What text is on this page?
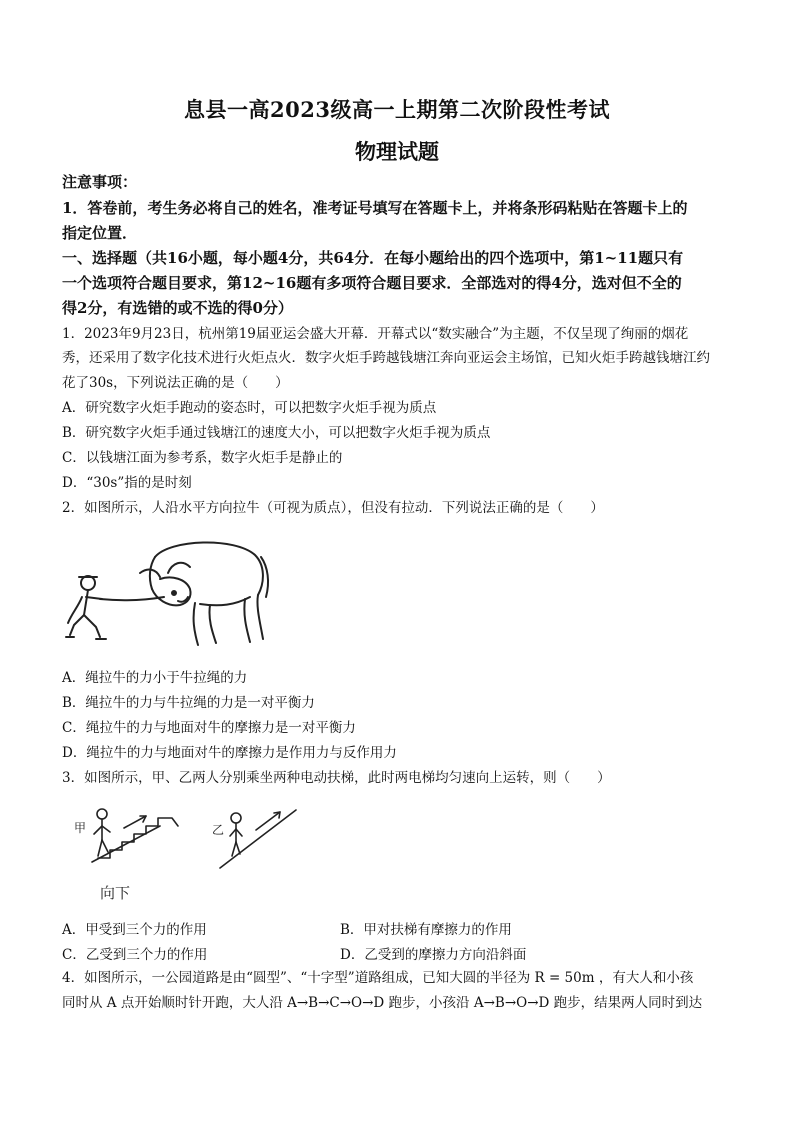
息县一高2023级高一上期第二次阶段性考试
物理试题
注意事项：
1．答卷前，考生务必将自己的姓名，准考证号填写在答题卡上，并将条形码粘贴在答题卡上的
指定位置．
一、选择题（共16小题，每小题4分，共64分．在每小题给出的四个选项中，第1~11题只有
一个选项符合题目要求，第12~16题有多项符合题目要求．全部选对的得4分，选对但不全的
得2分，有选错的或不选的得0分）
1．2023年9月23日，杭州第19届亚运会盛大开幕．开幕式以“数实融合”为主题，不仅呈现了绚丽的烟花
秀，还采用了数字化技术进行火炬点火．数字火炬手跨越钱塘江奔向亚运会主场馆，已知火炬手跨越钱塘江约
花了30s，下列说法正确的是（　　）
A．研究数字火炬手跑动的姿态时，可以把数字火炬手视为质点
B．研究数字火炬手通过钱塘江的速度大小，可以把数字火炬手视为质点
C．以钱塘江面为参考系，数字火炬手是静止的
D．“30s”指的是时刻
2．如图所示，人沿水平方向拉牛（可视为质点），但没有拉动．下列说法正确的是（　　）
A．绳拉牛的力小于牛拉绳的力
B．绳拉牛的力与牛拉绳的力是一对平衡力
C．绳拉牛的力与地面对牛的摩擦力是一对平衡力
D．绳拉牛的力与地面对牛的摩擦力是作用力与反作用力
3．如图所示，甲、乙两人分别乘坐两种电动扶梯，此时两电梯均匀速向上运转，则（　　）
甲	乙
向下
A．甲受到三个力的作用	B．甲对扶梯有摩擦力的作用
C．乙受到三个力的作用	D．乙受到的摩擦力方向沿斜面
4．如图所示，一公园道路是由“圆型”、“十字型”道路组成，已知大圆的半径为 R = 50m ，有大人和小孩
同时从 A 点开始顺时针开跑，大人沿 A→B→C→O→D 跑步，小孩沿 A→B→O→D 跑步，结果两人同时到达
